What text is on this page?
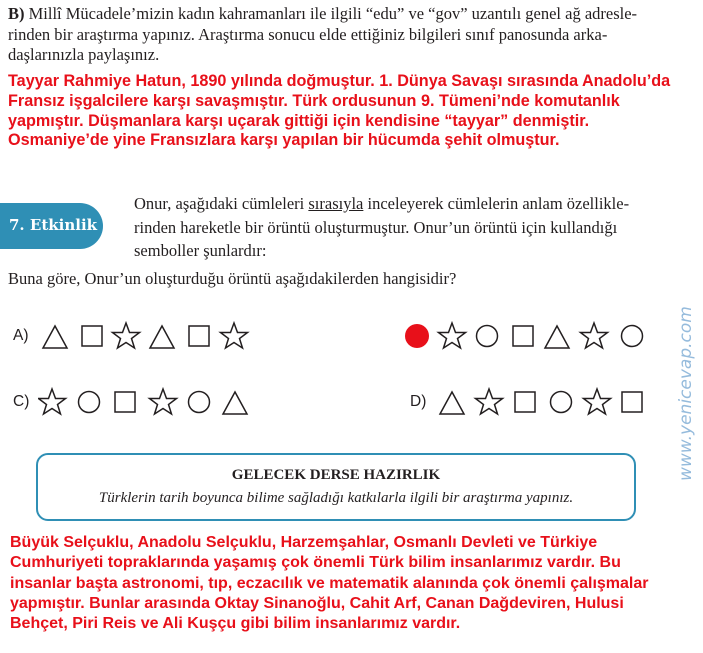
B) Millî Mücadele’mizin kadın kahramanları ile ilgili “edu” ve “gov” uzantılı genel ağ adresle-
rinden bir araştırma yapınız. Araştırma sonucu elde ettiğiniz bilgileri sınıf panosunda arka-
daşlarınızla paylaşınız.
Tayyar Rahmiye Hatun, 1890 yılında doğmuştur. 1. Dünya Savaşı sırasında Anadolu’da
Fransız işgalcilere karşı savaşmıştır. Türk ordusunun 9. Tümeni’nde komutanlık
yapmıştır. Düşmanlara karşı uçarak gittiği için kendisine “tayyar” denmiştir.
Osmaniye’de yine Fransızlara karşı yapılan bir hücumda şehit olmuştur.
7. Etkinlik
Onur, aşağıdaki cümleleri sırasıyla inceleyerek cümlelerin anlam özellikle-
rinden hareketle bir örüntü oluşturmuştur. Onur’un örüntü için kullandığı
semboller şunlardır:
Buna göre, Onur’un oluşturduğu örüntü aşağıdakilerden hangisidir?
A)
C)	D)
GELECEK DERSE HAZIRLIK
Türklerin tarih boyunca bilime sağladığı katkılarla ilgili bir araştırma yapınız.
Büyük Selçuklu, Anadolu Selçuklu, Harzemşahlar, Osmanlı Devleti ve Türkiye
Cumhuriyeti topraklarında yaşamış çok önemli Türk bilim insanlarımız vardır. Bu
insanlar başta astronomi, tıp, eczacılık ve matematik alanında çok önemli çalışmalar
yapmıştır. Bunlar arasında Oktay Sinanoğlu, Cahit Arf, Canan Dağdeviren, Hulusi
Behçet, Piri Reis ve Ali Kuşçu gibi bilim insanlarımız vardır.
www.yenicevap.com
